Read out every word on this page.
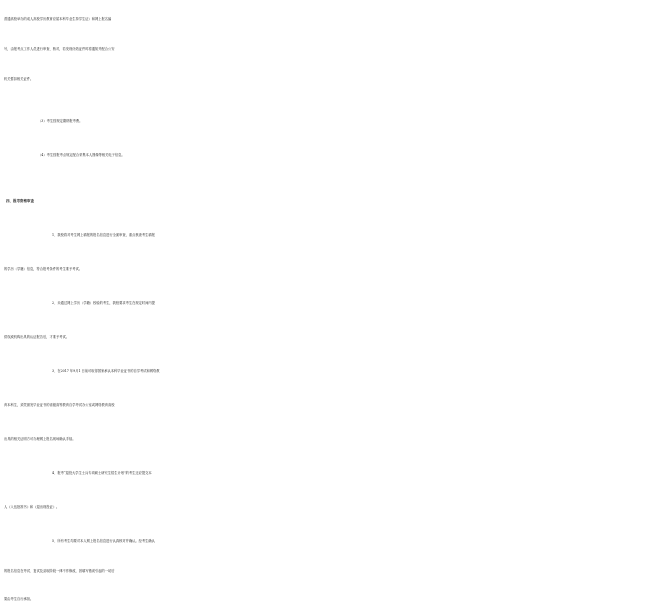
普通高校举办的成人高校学历教育应届本科毕业生持学生证）和网上报名编
号，由报考点工作人员进行审查、核对，若发现伪造证件时将通知并配合公安
机关暂扣相关证件。
（3）考生按规定缴纳报考费。
（4）考生按报考点规定配合采集本人图像等相关电子信息。
四、报考资格审查
1、我校将对考生网上填报的报名信息进行全面审查，重点核查考生填报
的学历（学籍）信息，符合报考条件的考生准予考试。
2、未通过网上学历（学籍）校验的考生，我校要求考生在规定时间内提
供权威机构出具的认证报告后，才准予考试。
3、在2017 年9月1 日前可取得国家承认本科毕业证书的自学考试和网络教
育本科生，须凭颁发毕业证书的省级高等教育自学考试办公室或网络教育高校
出具的相关证明方可办理网上报名现场确认手续。
4、报考“退役大学生士兵专项硕士研究生招生计划”的考生还应提交本
人《入伍批准书》和《退出现役证》。
5、所有考生均要对本人网上报名信息进行认真核对并确认。经考生确认
的报名信息在考试、复试及录取阶段一律不作修改，因填写错误引起的一切后
果由考生自行承担。
